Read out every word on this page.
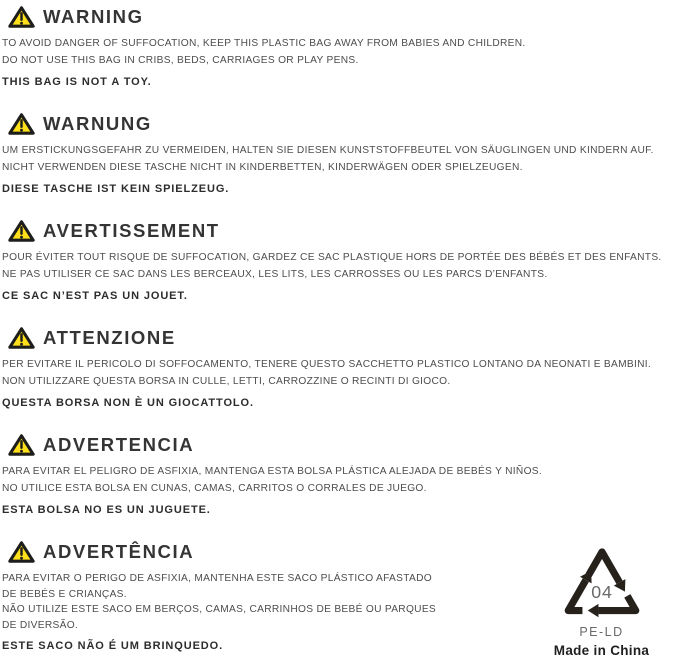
WARNING

TO AVOID DANGER OF SUFFOCATION, KEEP THIS PLASTIC BAG AWAY FROM BABIES AND CHILDREN.

DO NOT USE THIS BAG IN CRIBS, BEDS, CARRIAGES OR PLAY PENS.

THIS BAG IS NOT A TOY.

WARNUNG

UM ERSTICKUNGSGEFAHR ZU VERMEIDEN, HALTEN SIE DIESEN KUNSTSTOFFBEUTEL VON SÄUGLINGEN UND KINDERN AUF.

NICHT VERWENDEN DIESE TASCHE NICHT IN KINDERBETTEN, KINDERWÄGEN ODER SPIELZEUGEN.

DIESE TASCHE IST KEIN SPIELZEUG.

AVERTISSEMENT

POUR ÉVITER TOUT RISQUE DE SUFFOCATION, GARDEZ CE SAC PLASTIQUE HORS DE PORTÉE DES BÉBÉS ET DES ENFANTS.

NE PAS UTILISER CE SAC DANS LES BERCEAUX, LES LITS, LES CARROSSES OU LES PARCS D’ENFANTS.

CE SAC N’EST PAS UN JOUET.

ATTENZIONE

PER EVITARE IL PERICOLO DI SOFFOCAMENTO, TENERE QUESTO SACCHETTO PLASTICO LONTANO DA NEONATI E BAMBINI.

NON UTILIZZARE QUESTA BORSA IN CULLE, LETTI, CARROZZINE O RECINTI DI GIOCO.

QUESTA BORSA NON È UN GIOCATTOLO.

ADVERTENCIA

PARA EVITAR EL PELIGRO DE ASFIXIA, MANTENGA ESTA BOLSA PLÁSTICA ALEJADA DE BEBÉS Y NIÑOS.

NO UTILICE ESTA BOLSA EN CUNAS, CAMAS, CARRITOS O CORRALES DE JUEGO.

ESTA BOLSA NO ES UN JUGUETE.

ADVERTÊNCIA

PARA EVITAR O PERIGO DE ASFIXIA, MANTENHA ESTE SACO PLÁSTICO AFASTADO

DE BEBÉS E CRIANÇAS.

NÃO UTILIZE ESTE SACO EM BERÇOS, CAMAS, CARRINHOS DE BEBÉ OU PARQUES

DE DIVERSÃO.

ESTE SACO NÃO É UM BRINQUEDO.

04
PE-LD
Made in China
